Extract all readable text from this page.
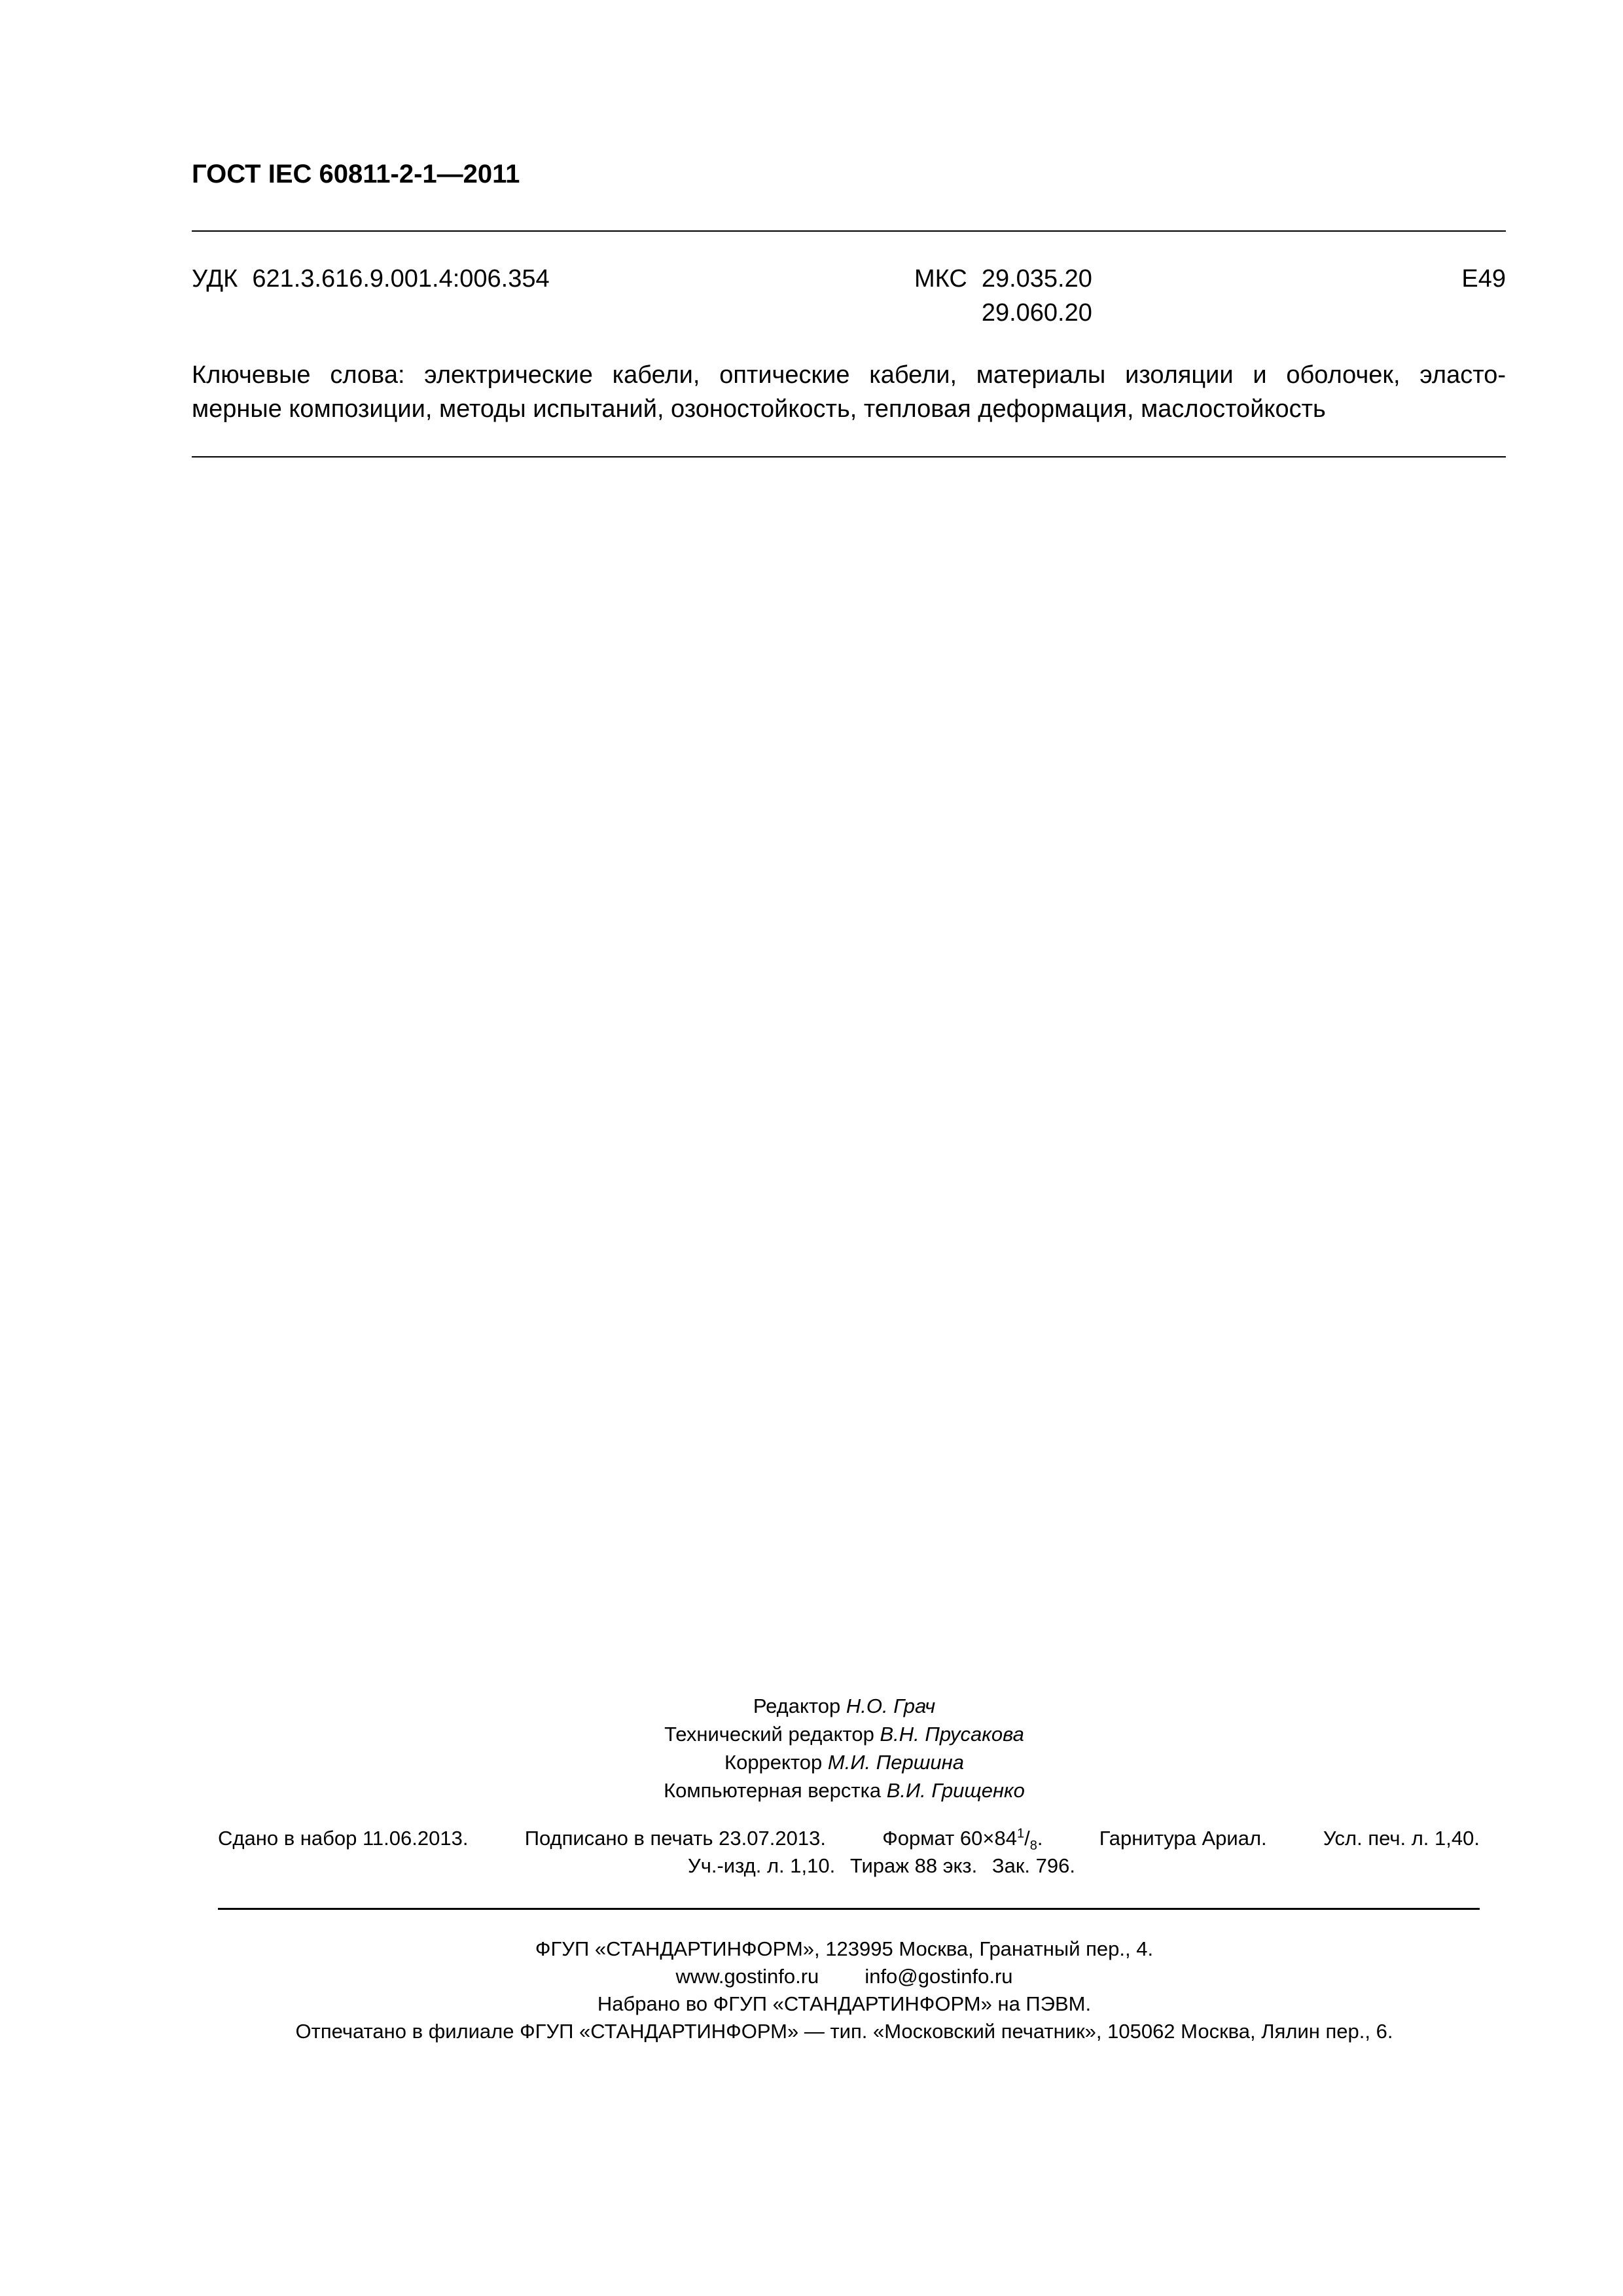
ГОСТ IEC 60811-2-1—2011
УДК 621.3.616.9.001.4:006.354	МКС 29.035.20
29.060.20
Е49
Ключевые слова: электрические кабели, оптические кабели, материалы изоляции и оболочек, эласто-
мерные композиции, методы испытаний, озоностойкость, тепловая деформация, маслостойкость
Редактор Н.О. Грач
Технический редактор В.Н. Прусакова
Корректор М.И. Першина
Компьютерная верстка В.И. Грищенко
Сдано в набор 11.06.2013.	Подписано в печать 23.07.2013.	Формат $60\times 84^1/_8$.	Гарнитура Ариал.	Усл. печ. л. 1,40.
Уч.-изд. л. 1,10. Тираж 88 экз. Зак. 796.
ФГУП «СТАНДАРТИНФОРМ», 123995 Москва, Гранатный пер., 4.
www.gostinfo.ru info@gostinfo.ru
Набрано во ФГУП «СТАНДАРТИНФОРМ» на ПЭВМ.
Отпечатано в филиале ФГУП «СТАНДАРТИНФОРМ» — тип. «Московский печатник», 105062 Москва, Лялин пер., 6.
